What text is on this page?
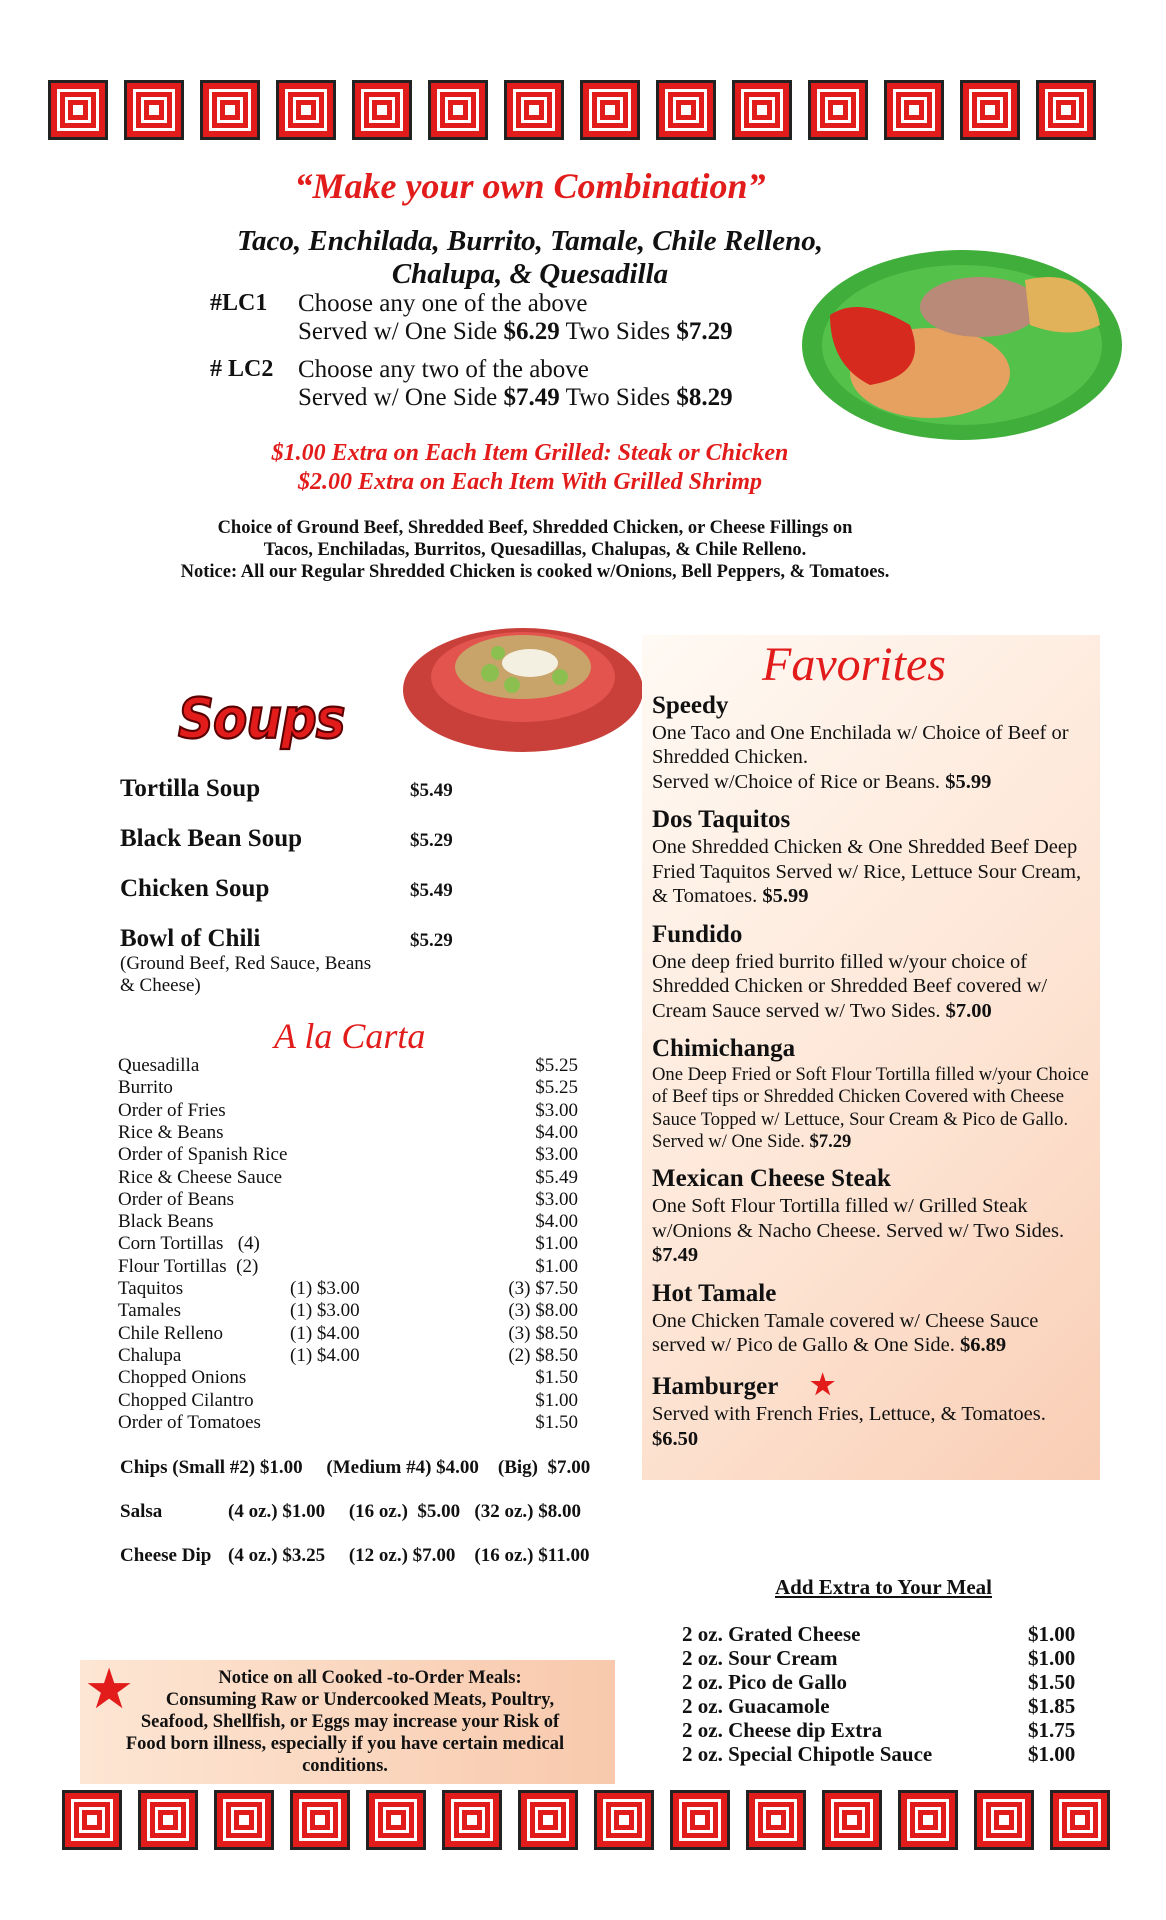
“Make your own Combination”
Taco, Enchilada, Burrito, Tamale, Chile Relleno,
Chalupa, & Quesadilla
#LC1 Choose any one of the above
Served w/ One Side $6.29 Two Sides $7.29
# LC2 Choose any two of the above
Served w/ One Side $7.49 Two Sides $8.29
$1.00 Extra on Each Item Grilled: Steak or Chicken
$2.00 Extra on Each Item With Grilled Shrimp
Choice of Ground Beef, Shredded Beef, Shredded Chicken, or Cheese Fillings on
Tacos, Enchiladas, Burritos, Quesadillas, Chalupas, & Chile Relleno.
Notice: All our Regular Shredded Chicken is cooked w/Onions, Bell Peppers, & Tomatoes.
Soups
Tortilla Soup	$5.49
Black Bean Soup	$5.29
Chicken Soup	$5.49
Bowl of Chili	$5.29
(Ground Beef, Red Sauce, Beans
& Cheese)
A la Carta
Quesadilla	$5.25
Burrito	$5.25
Order of Fries	$3.00
Rice & Beans	$4.00
Order of Spanish Rice	$3.00
Rice & Cheese Sauce	$5.49
Order of Beans	$3.00
Black Beans	$4.00
Corn Tortillas   (4)	$1.00
Flour Tortillas  (2)	$1.00
Taquitos	(1) $3.00	(3) $7.50
Tamales	(1) $3.00	(3) $8.00
Chile Relleno	(1) $4.00	(3) $8.50
Chalupa	(1) $4.00	(2) $8.50
Chopped Onions	$1.50
Chopped Cilantro	$1.00
Order of Tomatoes	$1.50
Chips (Small #2) $1.00     (Medium #4) $4.00    (Big)  $7.00
Salsa	(4 oz.) $1.00     (16 oz.)  $5.00   (32 oz.) $8.00
Cheese Dip (4 oz.) $3.25     (12 oz.) $7.00    (16 oz.) $11.00
Favorites
Speedy

One Taco and One Enchilada w/ Choice of Beef or Shredded Chicken.

Served w/Choice of Rice or Beans. $5.99

Dos Taquitos

One Shredded Chicken & One Shredded Beef Deep Fried Taquitos Served w/ Rice, Lettuce Sour Cream, & Tomatoes. $5.99

Fundido

One deep fried burrito filled w/your choice of Shredded Chicken or Shredded Beef covered w/ Cream Sauce served w/ Two Sides. $7.00

Chimichanga

One Deep Fried or Soft Flour Tortilla filled w/your Choice of Beef tips or Shredded Chicken Covered with Cheese Sauce Topped w/ Lettuce, Sour Cream & Pico de Gallo. Served w/ One Side. $7.29

Mexican Cheese Steak

One Soft Flour Tortilla filled w/ Grilled Steak w/Onions & Nacho Cheese. Served w/ Two Sides. $7.49

Hot Tamale

One Chicken Tamale covered w/ Cheese Sauce served w/ Pico de Gallo & One Side. $6.89

Hamburger ★

Served with French Fries, Lettuce, & Tomatoes.

$6.50

Add Extra to Your Meal
2 oz. Grated Cheese	$1.00
2 oz. Sour Cream	$1.00
2 oz. Pico de Gallo	$1.50
2 oz. Guacamole	$1.85
2 oz. Cheese dip Extra	$1.75
2 oz. Special Chipotle Sauce	$1.00
★	Notice on all Cooked -to-Order Meals:
Consuming Raw or Undercooked Meats, Poultry,
Seafood, Shellfish, or Eggs may increase your Risk of
Food born illness, especially if you have certain medical
conditions.
